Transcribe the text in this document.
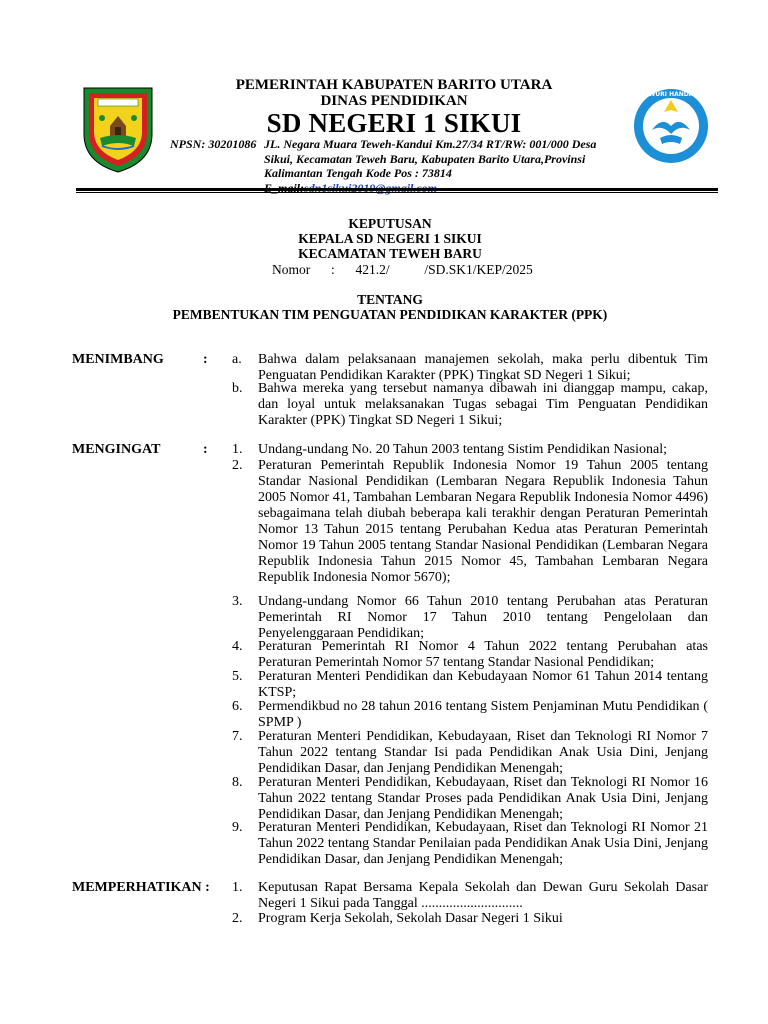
PEMERINTAH KABUPATEN BARITO UTARA
DINAS PENDIDIKAN
SD NEGERI 1 SIKUI
NPSN: 30201086 JL. Negara Muara Teweh-Kandui Km.27/34 RT/RW: 001/000 Desa
Sikui, Kecamatan Teweh Baru, Kabupaten Barito Utara,Provinsi
Kalimantan Tengah Kode Pos : 73814
TUT WURI HANDAYANI
KEPUTUSAN
KEPALA SD NEGERI 1 SIKUI
KECAMATAN TEWEH BARU
Nomor : 421.2/	/SD.SK1/KEP/2025
TENTANG
PEMBENTUKAN TIM PENGUATAN PENDIDIKAN KARAKTER (PPK)
MENIMBANG	: a. Bahwa dalam pelaksanaan manajemen sekolah, maka perlu dibentuk Tim Penguatan Pendidikan Karakter (PPK) Tingkat SD Negeri 1 Sikui;
b. Bahwa mereka yang tersebut namanya dibawah ini dianggap mampu, cakap, dan loyal untuk melaksanakan Tugas sebagai Tim Penguatan Pendidikan Karakter (PPK) Tingkat SD Negeri 1 Sikui;
MENGINGAT	: 1. Undang-undang No. 20 Tahun 2003 tentang Sistim Pendidikan Nasional;
2. Peraturan Pemerintah Republik Indonesia Nomor 19 Tahun 2005 tentang Standar Nasional Pendidikan (Lembaran Negara Republik Indonesia Tahun 2005 Nomor 41, Tambahan Lembaran Negara Republik Indonesia Nomor 4496) sebagaimana telah diubah beberapa kali terakhir dengan Peraturan Pemerintah Nomor 13 Tahun 2015 tentang Perubahan Kedua atas Peraturan Pemerintah Nomor 19 Tahun 2005 tentang Standar Nasional Pendidikan (Lembaran Negara Republik Indonesia Tahun 2015 Nomor 45, Tambahan Lembaran Negara Republik Indonesia Nomor 5670);
3. Undang-undang Nomor 66 Tahun 2010 tentang Perubahan atas Peraturan Pemerintah RI Nomor 17 Tahun 2010 tentang Pengelolaan dan Penyelenggaraan Pendidikan;
4. Peraturan Pemerintah RI Nomor 4 Tahun 2022 tentang Perubahan atas Peraturan Pemerintah Nomor 57 tentang Standar Nasional Pendidikan;
5. Peraturan Menteri Pendidikan dan Kebudayaan Nomor 61 Tahun 2014 tentang KTSP;
6. Permendikbud no 28 tahun 2016 tentang Sistem Penjaminan Mutu Pendidikan ( SPMP )
7. Peraturan Menteri Pendidikan, Kebudayaan, Riset dan Teknologi RI Nomor 7 Tahun 2022 tentang Standar Isi pada Pendidikan Anak Usia Dini, Jenjang Pendidikan Dasar, dan Jenjang Pendidikan Menengah;
8. Peraturan Menteri Pendidikan, Kebudayaan, Riset dan Teknologi RI Nomor 16 Tahun 2022 tentang Standar Proses pada Pendidikan Anak Usia Dini, Jenjang Pendidikan Dasar, dan Jenjang Pendidikan Menengah;
9. Peraturan Menteri Pendidikan, Kebudayaan, Riset dan Teknologi RI Nomor 21 Tahun 2022 tentang Standar Penilaian pada Pendidikan Anak Usia Dini, Jenjang Pendidikan Dasar, dan Jenjang Pendidikan Menengah;
MEMPERHATIKAN : 1. Keputusan Rapat Bersama Kepala Sekolah dan Dewan Guru Sekolah Dasar Negeri 1 Sikui pada Tanggal .............................
2. Program Kerja Sekolah, Sekolah Dasar Negeri 1 Sikui
